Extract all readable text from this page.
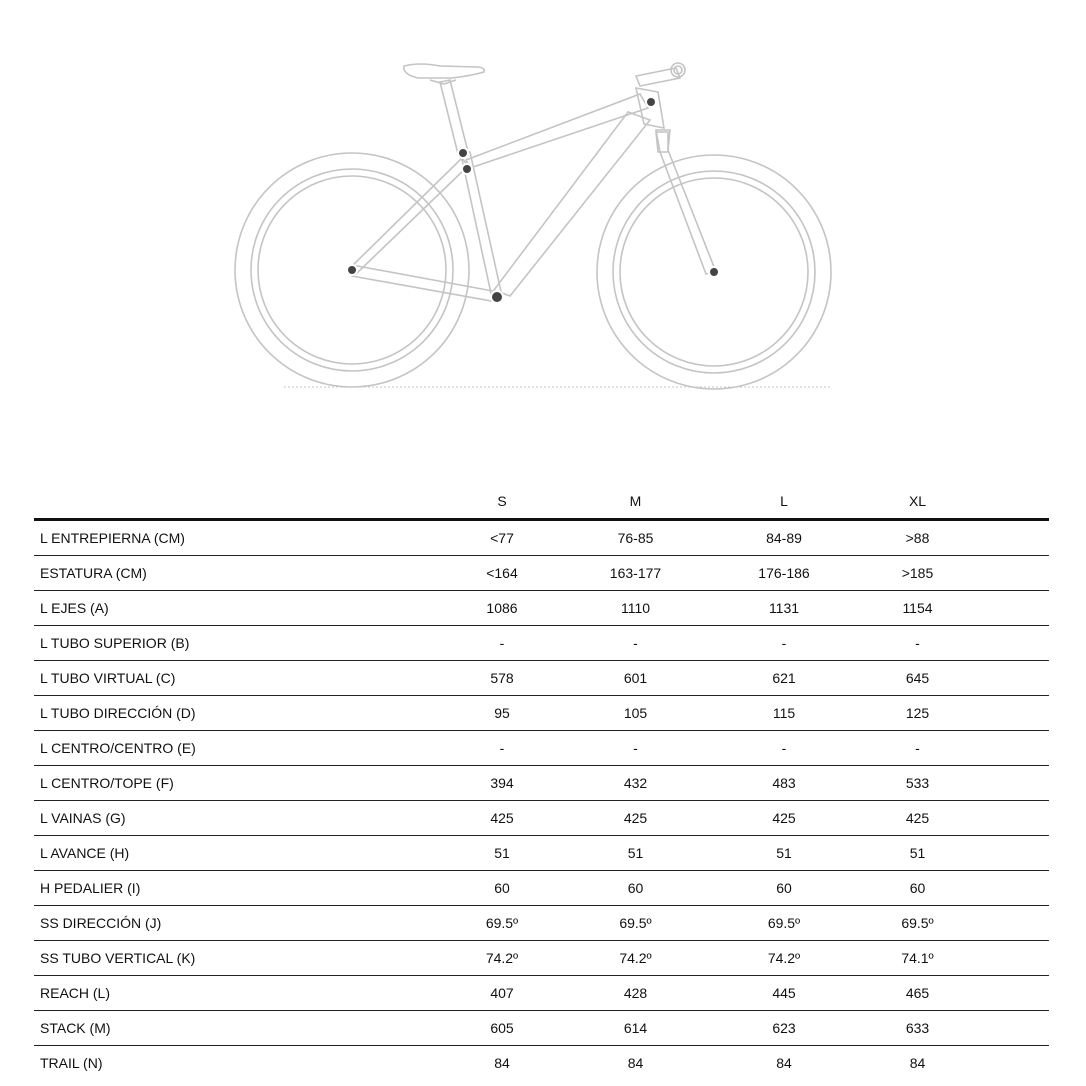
	S	M	L	XL	
L ENTREPIERNA (CM)	<77	76-85	84-89	>88	
ESTATURA (CM)	<164	163-177	176-186	>185	
L EJES (A)	1086	1110	1131	1154	
L TUBO SUPERIOR (B)	-	-	-	-	
L TUBO VIRTUAL (C)	578	601	621	645	
L TUBO DIRECCIÓN (D)	95	105	115	125	
L CENTRO/CENTRO (E)	-	-	-	-	
L CENTRO/TOPE (F)	394	432	483	533	
L VAINAS (G)	425	425	425	425	
L AVANCE (H)	51	51	51	51	
H PEDALIER (I)	60	60	60	60	
SS DIRECCIÓN (J)	69.5º	69.5º	69.5º	69.5º	
SS TUBO VERTICAL (K)	74.2º	74.2º	74.2º	74.1º	
REACH (L)	407	428	445	465	
STACK (M)	605	614	623	633	
TRAIL (N)	84	84	84	84	
